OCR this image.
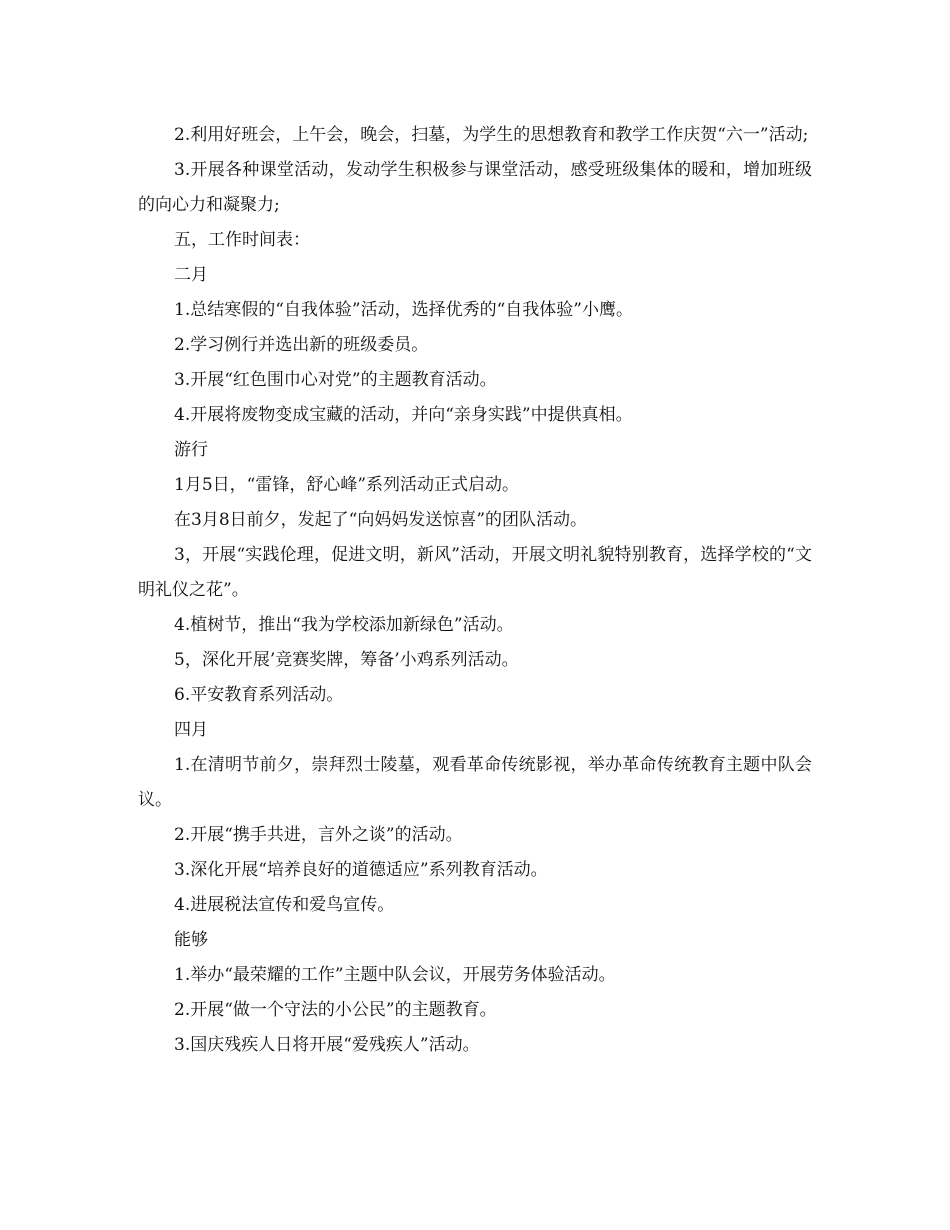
2.利用好班会，上午会，晚会，扫墓，为学生的思想教育和教学工作庆贺“六一”活动;

3.开展各种课堂活动，发动学生积极参与课堂活动，感受班级集体的暖和，增加班级的向心力和凝聚力;

五，工作时间表：

二月

1.总结寒假的“自我体验”活动，选择优秀的“自我体验”小鹰。

2.学习例行并选出新的班级委员。

3.开展“红色围巾心对党”的主题教育活动。

4.开展将废物变成宝藏的活动，并向“亲身实践”中提供真相。

游行

1月5日，“雷锋，舒心峰”系列活动正式启动。

在3月8日前夕，发起了“向妈妈发送惊喜”的团队活动。

3，开展“实践伦理，促进文明，新风”活动，开展文明礼貌特别教育，选择学校的“文明礼仪之花”。

4.植树节，推出“我为学校添加新绿色”活动。

5，深化开展’竞赛奖牌，筹备’小鸡系列活动。

6.平安教育系列活动。

四月

1.在清明节前夕，崇拜烈士陵墓，观看革命传统影视，举办革命传统教育主题中队会议。

2.开展“携手共进，言外之谈”的活动。

3.深化开展“培养良好的道德适应”系列教育活动。

4.进展税法宣传和爱鸟宣传。

能够

1.举办“最荣耀的工作”主题中队会议，开展劳务体验活动。

2.开展“做一个守法的小公民”的主题教育。

3.国庆残疾人日将开展“爱残疾人”活动。
